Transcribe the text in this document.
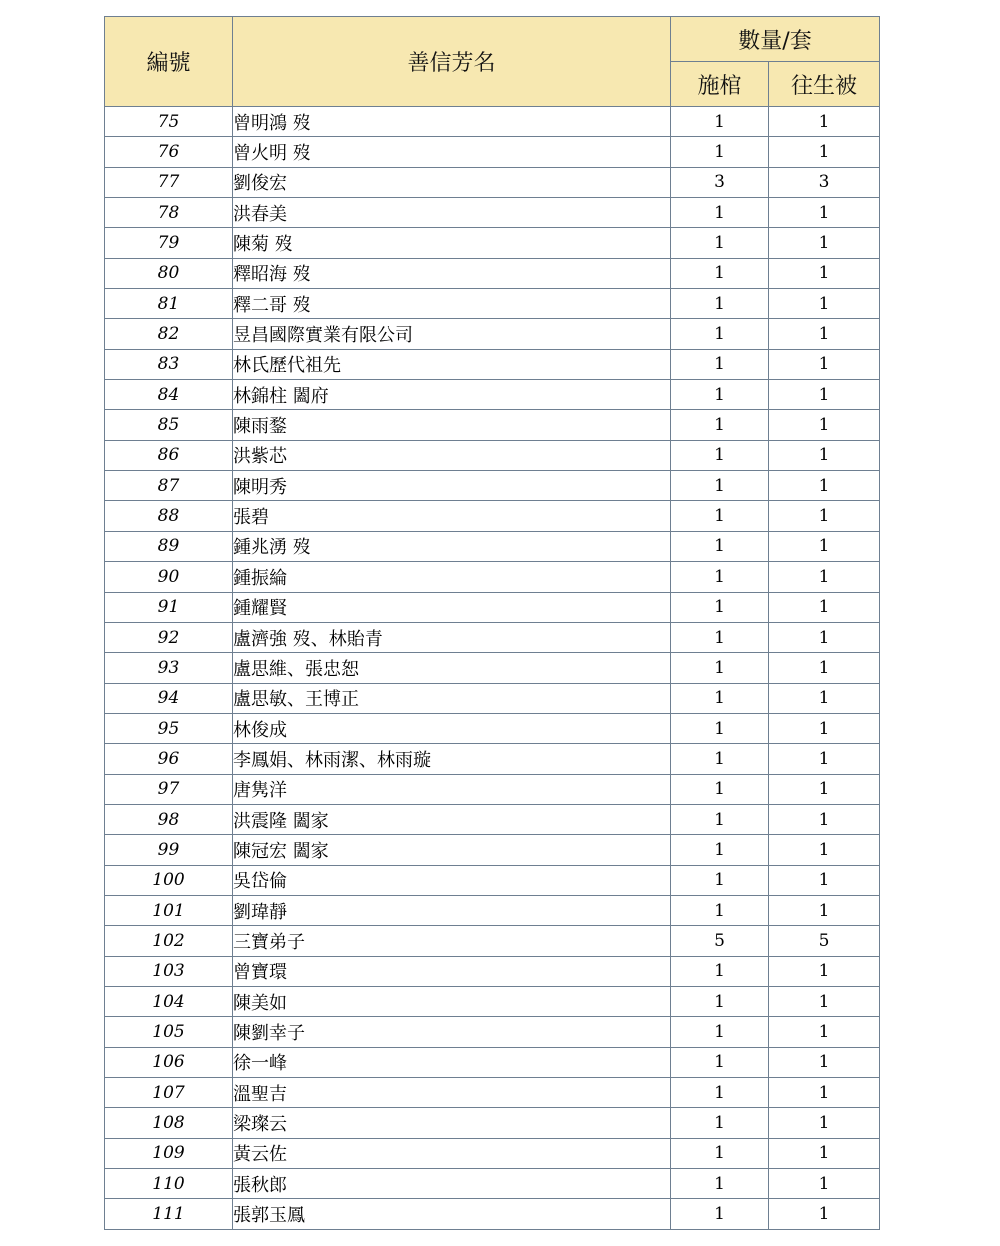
編號	善信芳名	數量/套	
		施棺	往生被
75	曾明鴻 歿	1	1
76	曾火明 歿	1	1
77	劉俊宏	3	3
78	洪春美	1	1
79	陳菊 歿	1	1
80	釋昭海 歿	1	1
81	釋二哥 歿	1	1
82	昱昌國際實業有限公司	1	1
83	林氏歷代祖先	1	1
84	林錦柱 闔府	1	1
85	陳雨鍪	1	1
86	洪紫芯	1	1
87	陳明秀	1	1
88	張碧	1	1
89	鍾兆湧 歿	1	1
90	鍾振綸	1	1
91	鍾耀賢	1	1
92	盧濟強 歿、林貽青	1	1
93	盧思維、張忠恕	1	1
94	盧思敏、王博正	1	1
95	林俊成	1	1
96	李鳳娟、林雨潔、林雨璇	1	1
97	唐隽洋	1	1
98	洪震隆 闔家	1	1
99	陳冠宏 闔家	1	1
100	吳岱倫	1	1
101	劉瑋靜	1	1
102	三寶弟子	5	5
103	曾寶環	1	1
104	陳美如	1	1
105	陳劉幸子	1	1
106	徐一峰	1	1
107	溫聖吉	1	1
108	梁璨云	1	1
109	黃云佐	1	1
110	張秋郎	1	1
111	張郭玉鳳	1	1
